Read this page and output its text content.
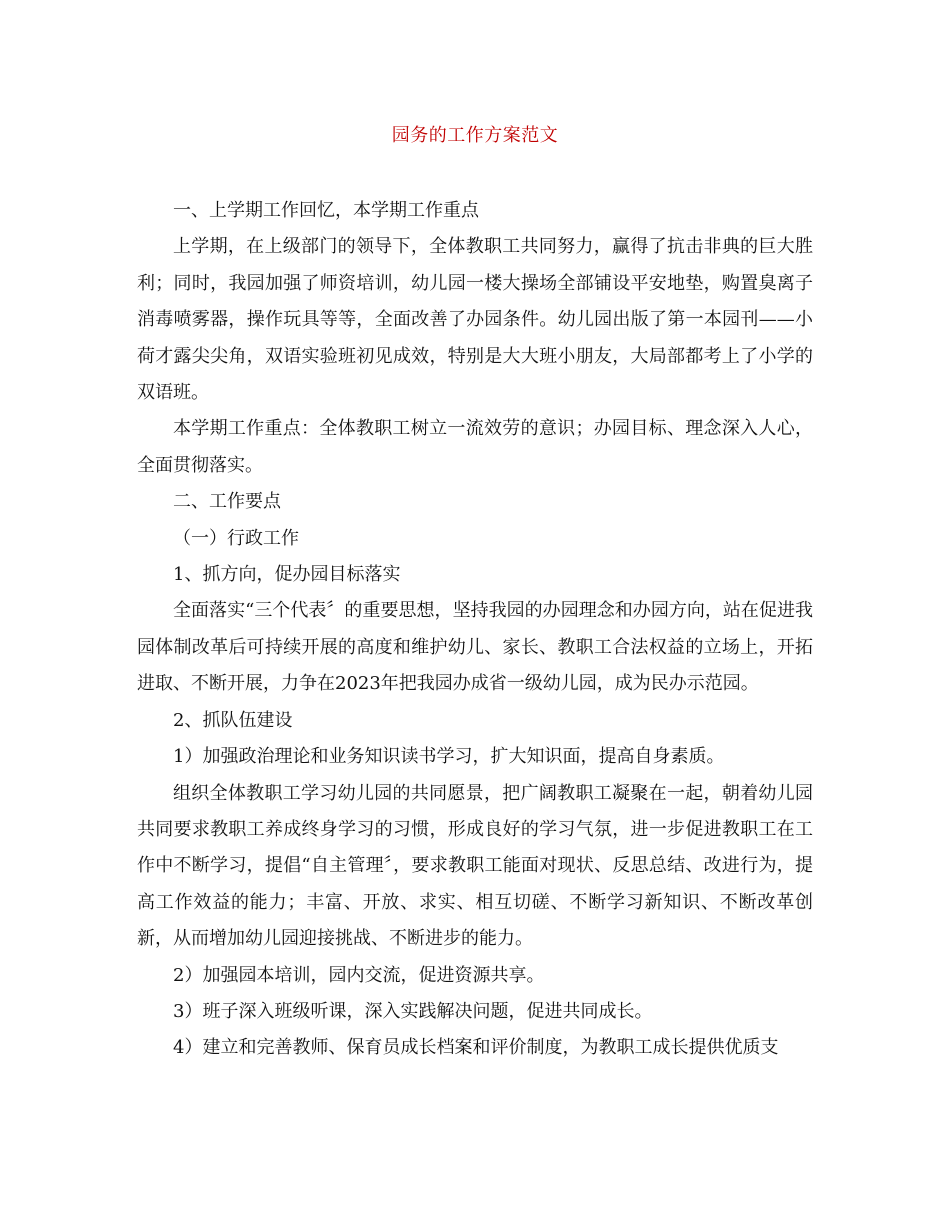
园务的工作方案范文

一、上学期工作回忆，本学期工作重点

上学期，在上级部门的领导下，全体教职工共同努力，赢得了抗击非典的巨大胜利；同时，我园加强了师资培训，幼儿园一楼大操场全部铺设平安地垫，购置臭离子消毒喷雾器，操作玩具等等，全面改善了办园条件。幼儿园出版了第一本园刊——小荷才露尖尖角，双语实验班初见成效，特别是大大班小朋友，大局部都考上了小学的双语班。

本学期工作重点：全体教职工树立一流效劳的意识；办园目标、理念深入人心，全面贯彻落实。

二、工作要点

（一）行政工作

1、抓方向，促办园目标落实

全面落实“三个代表〞的重要思想，坚持我园的办园理念和办园方向，站在促进我园体制改革后可持续开展的高度和维护幼儿、家长、教职工合法权益的立场上，开拓进取、不断开展，力争在2023年把我园办成省一级幼儿园，成为民办示范园。

2、抓队伍建设

1）加强政治理论和业务知识读书学习，扩大知识面，提高自身素质。

组织全体教职工学习幼儿园的共同愿景，把广阔教职工凝聚在一起，朝着幼儿园共同要求教职工养成终身学习的习惯，形成良好的学习气氛，进一步促进教职工在工作中不断学习，提倡“自主管理〞，要求教职工能面对现状、反思总结、改进行为，提高工作效益的能力；丰富、开放、求实、相互切磋、不断学习新知识、不断改革创新，从而增加幼儿园迎接挑战、不断进步的能力。

2）加强园本培训，园内交流，促进资源共享。

3）班子深入班级听课，深入实践解决问题，促进共同成长。

4）建立和完善教师、保育员成长档案和评价制度，为教职工成长提供优质支
